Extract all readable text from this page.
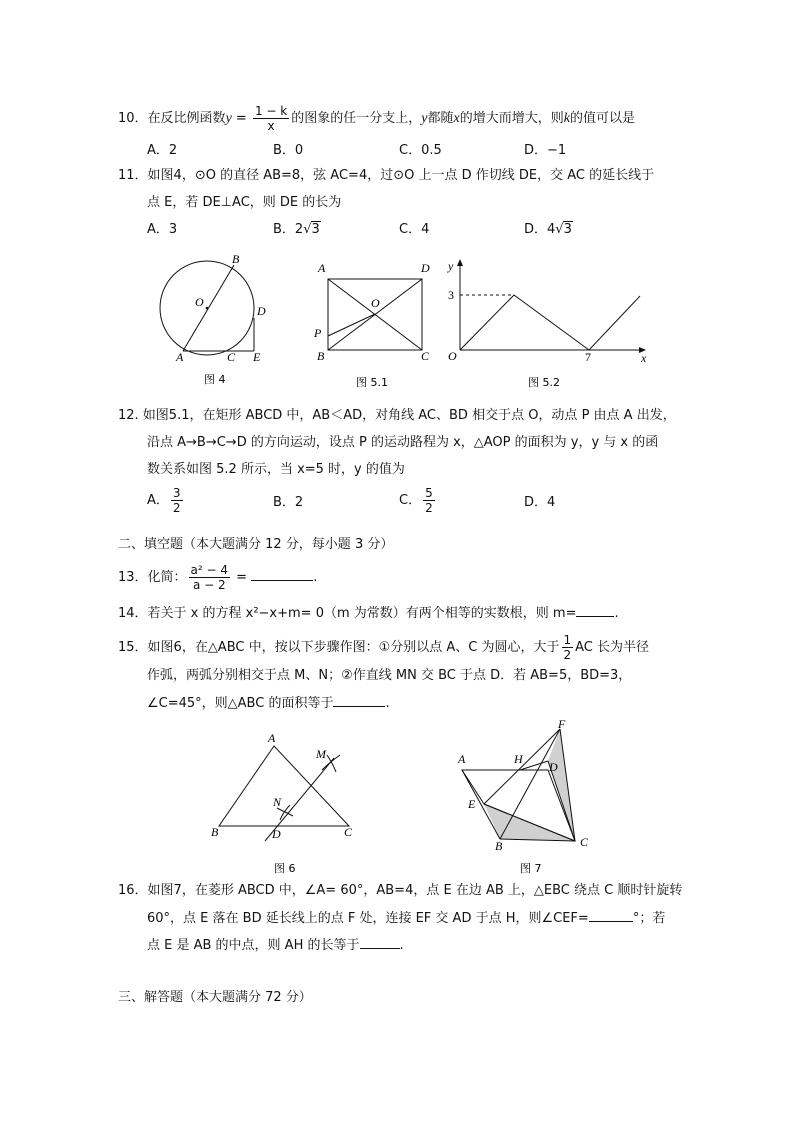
10．在反比例函数$y = \frac{1 - k}{x}$ 的图象的任一分支上，y都随x的增大而增大，则k的值可以是
A．2	B．0	C．0.5	D．−1
11．如图4，⊙O 的直径 AB=8，弦 AC=4，过⊙O 上一点 D 作切线 DE，交 AC 的延长线于
点 E，若 DE⊥AC，则 DE 的长为
A．3	B．2√3	C．4	D．4√3
B
O
D
A	C E
图 4
A	D
O
P
B	C
图 5.1
y
3
O	7	x
图 5.2
12. 如图5.1，在矩形 ABCD 中，AB＜AD，对角线 AC、BD 相交于点 O，动点 P 由点 A 出发，
沿点 A→B→C→D 的方向运动，设点 P 的运动路程为 x，△AOP 的面积为 y，y 与 x 的函
数关系如图 5.2 所示，当 x=5 时，y 的值为
A． $\frac{3}{2}$	B．2	C． $\frac{5}{2}$	D．4
二、填空题（本大题满分 12 分，每小题 3 分）
13．化简： $\frac{\text{a² − 4}}{a - 2}$ =	.
14．若关于 x 的方程 x²−x+m= 0（m 为常数）有两个相等的实数根，则 m=	.
15．如图6，在△ABC 中，按以下步骤作图：①分别以点 A、C 为圆心，大于 $\frac{1}{2}$ AC 长为半径
作弧，两弧分别相交于点 M、N；②作直线 MN 交 BC 于点 D．若 AB=5，BD=3，
∠C=45°，则△ABC 的面积等于	.
A
M
N
B	D	C
图 6
F
A	H
D
E
B	C
图 7
16．如图7，在菱形 ABCD 中，∠A= 60°，AB=4，点 E 在边 AB 上，△EBC 绕点 C 顺时针旋转
60°，点 E 落在 BD 延长线上的点 F 处，连接 EF 交 AD 于点 H，则∠CEF=	°；若
点 E 是 AB 的中点，则 AH 的长等于	.
三、解答题（本大题满分 72 分）
